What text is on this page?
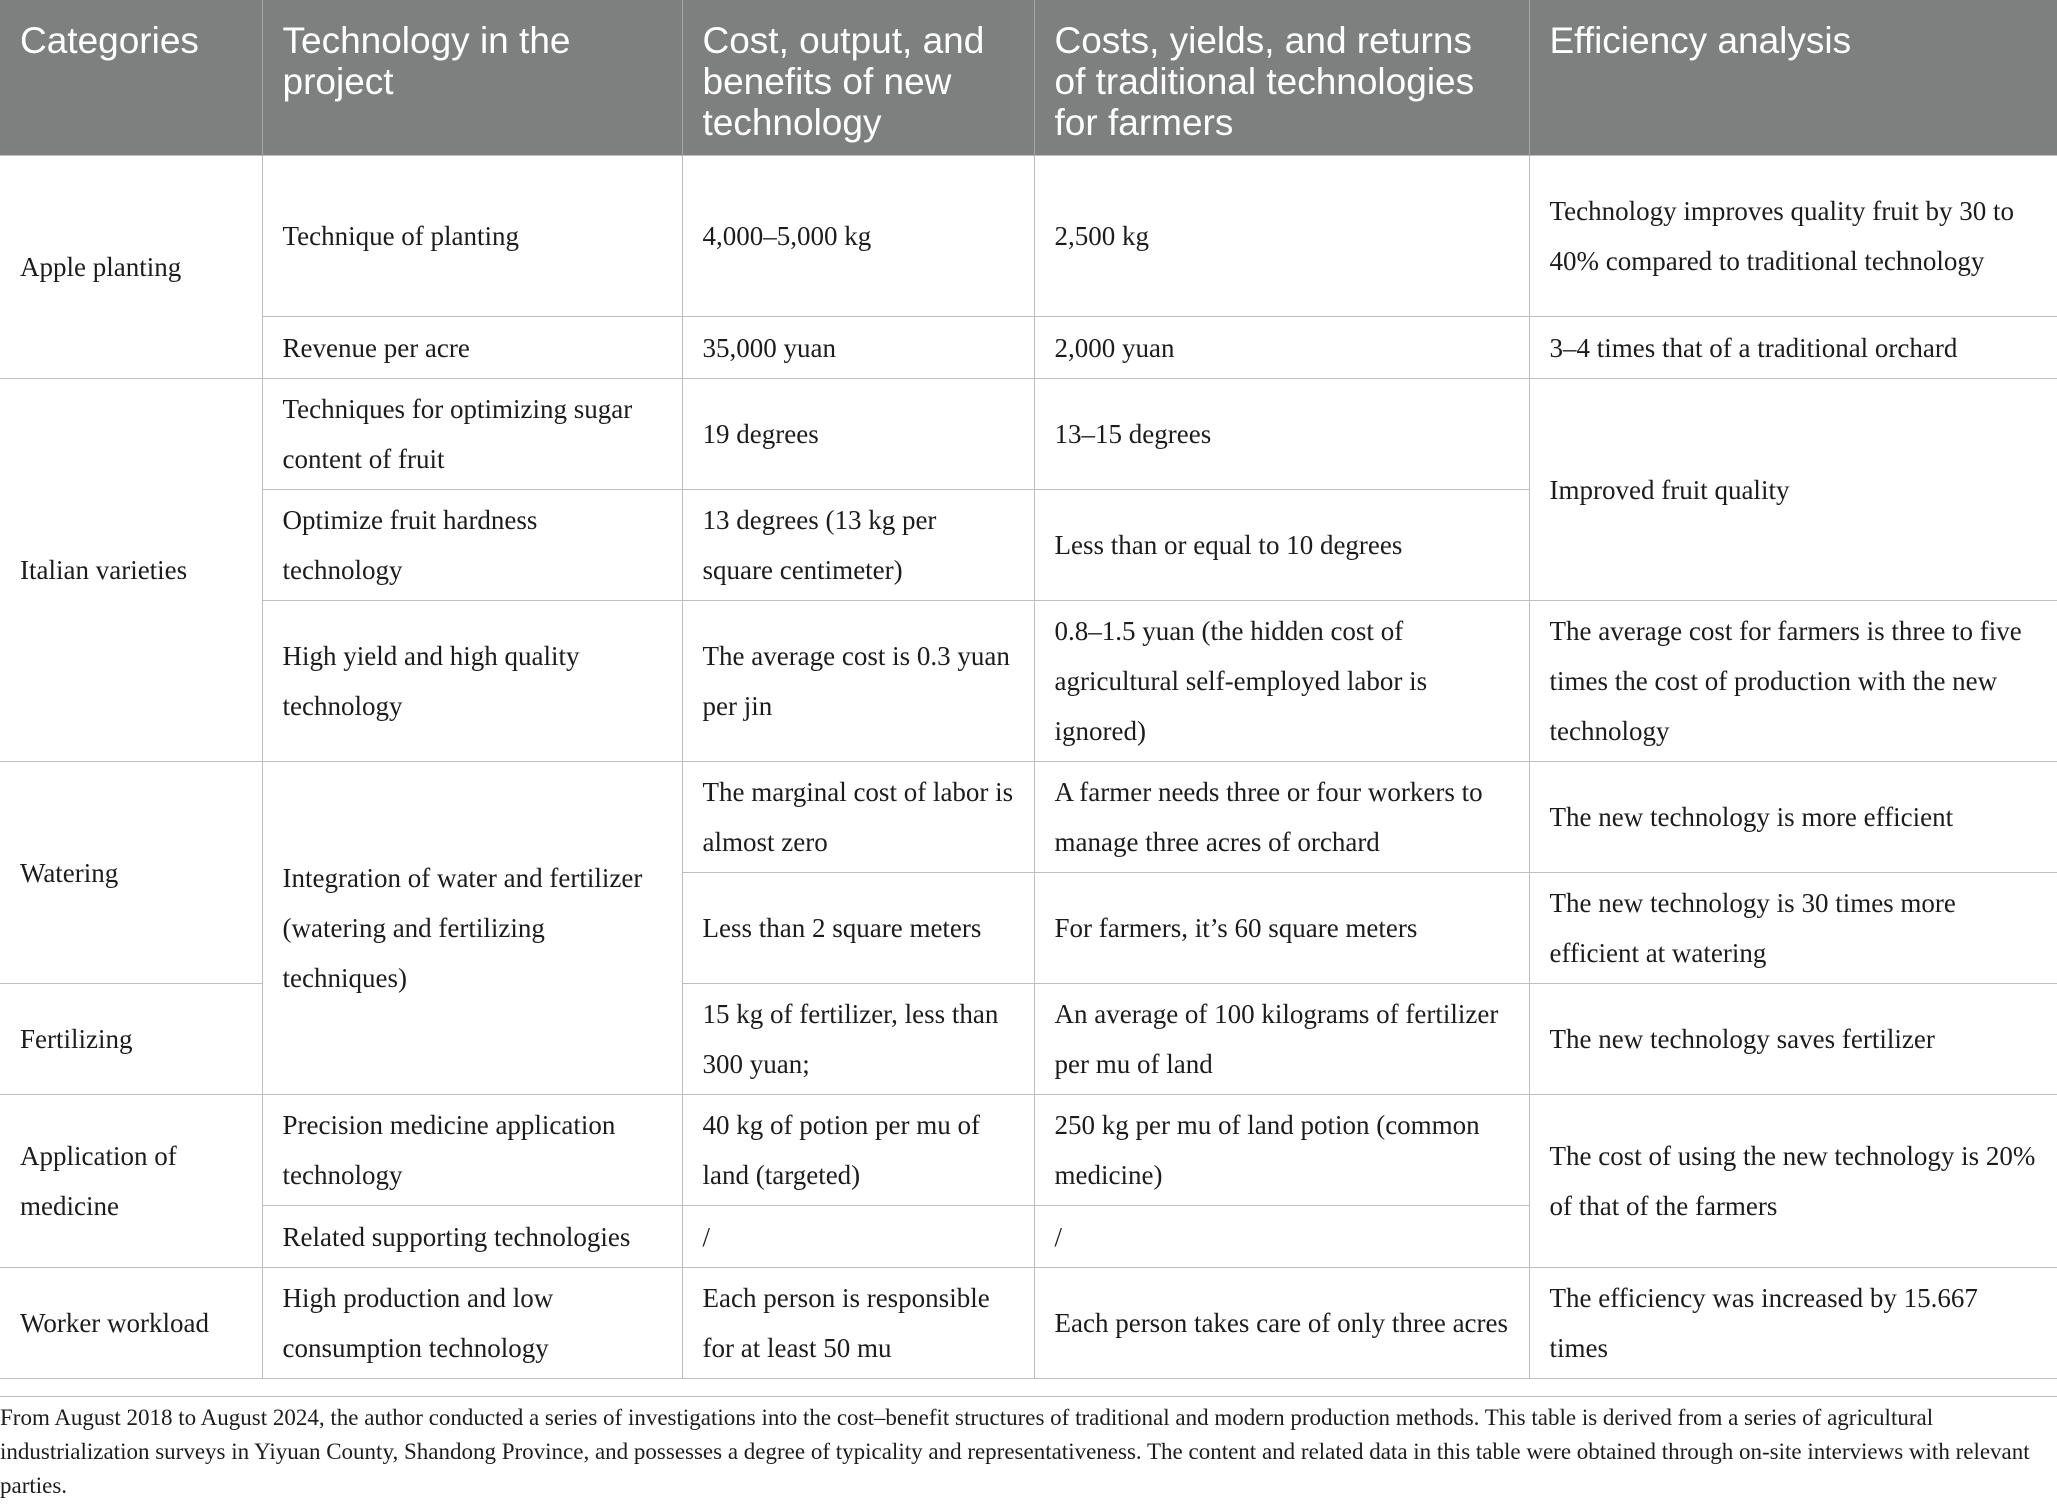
Categories	Technology in the project	Cost, output, and benefits of new technology	Costs, yields, and returns of traditional technologies for farmers	Efficiency analysis
Apple planting	Technique of planting	4,000–5,000 kg	2,500 kg	Technology improves quality fruit by 30 to 40% compared to traditional technology
	Revenue per acre	35,000 yuan	2,000 yuan	3–4 times that of a traditional orchard
Italian varieties	Techniques for optimizing sugar content of fruit	19 degrees	13–15 degrees	Improved fruit quality
	Optimize fruit hardness technology	13 degrees (13 kg per square centimeter)	Less than or equal to 10 degrees	
	High yield and high quality technology	The average cost is 0.3 yuan per jin	0.8–1.5 yuan (the hidden cost of agricultural self-employed labor is ignored)	The average cost for farmers is three to five times the cost of production with the new technology
Watering	Integration of water and fertilizer (watering and fertilizing techniques)	The marginal cost of labor is almost zero	A farmer needs three or four workers to manage three acres of orchard	The new technology is more efficient
		Less than 2 square meters	For farmers, it’s 60 square meters	The new technology is 30 times more efficient at watering
Fertilizing		15 kg of fertilizer, less than 300 yuan;	An average of 100 kilograms of fertilizer per mu of land	The new technology saves fertilizer
Application of medicine	Precision medicine application technology	40 kg of potion per mu of land (targeted)	250 kg per mu of land potion (common medicine)	The cost of using the new technology is 20% of that of the farmers
	Related supporting technologies	/	/	
Worker workload	High production and low consumption technology	Each person is responsible for at least 50 mu	Each person takes care of only three acres	The efficiency was increased by 15.667 times
From August 2018 to August 2024, the author conducted a series of investigations into the cost–benefit structures of traditional and modern production methods. This table is derived from a series of agricultural industrialization surveys in Yiyuan County, Shandong Province, and possesses a degree of typicality and representativeness. The content and related data in this table were obtained through on-site interviews with relevant parties.
